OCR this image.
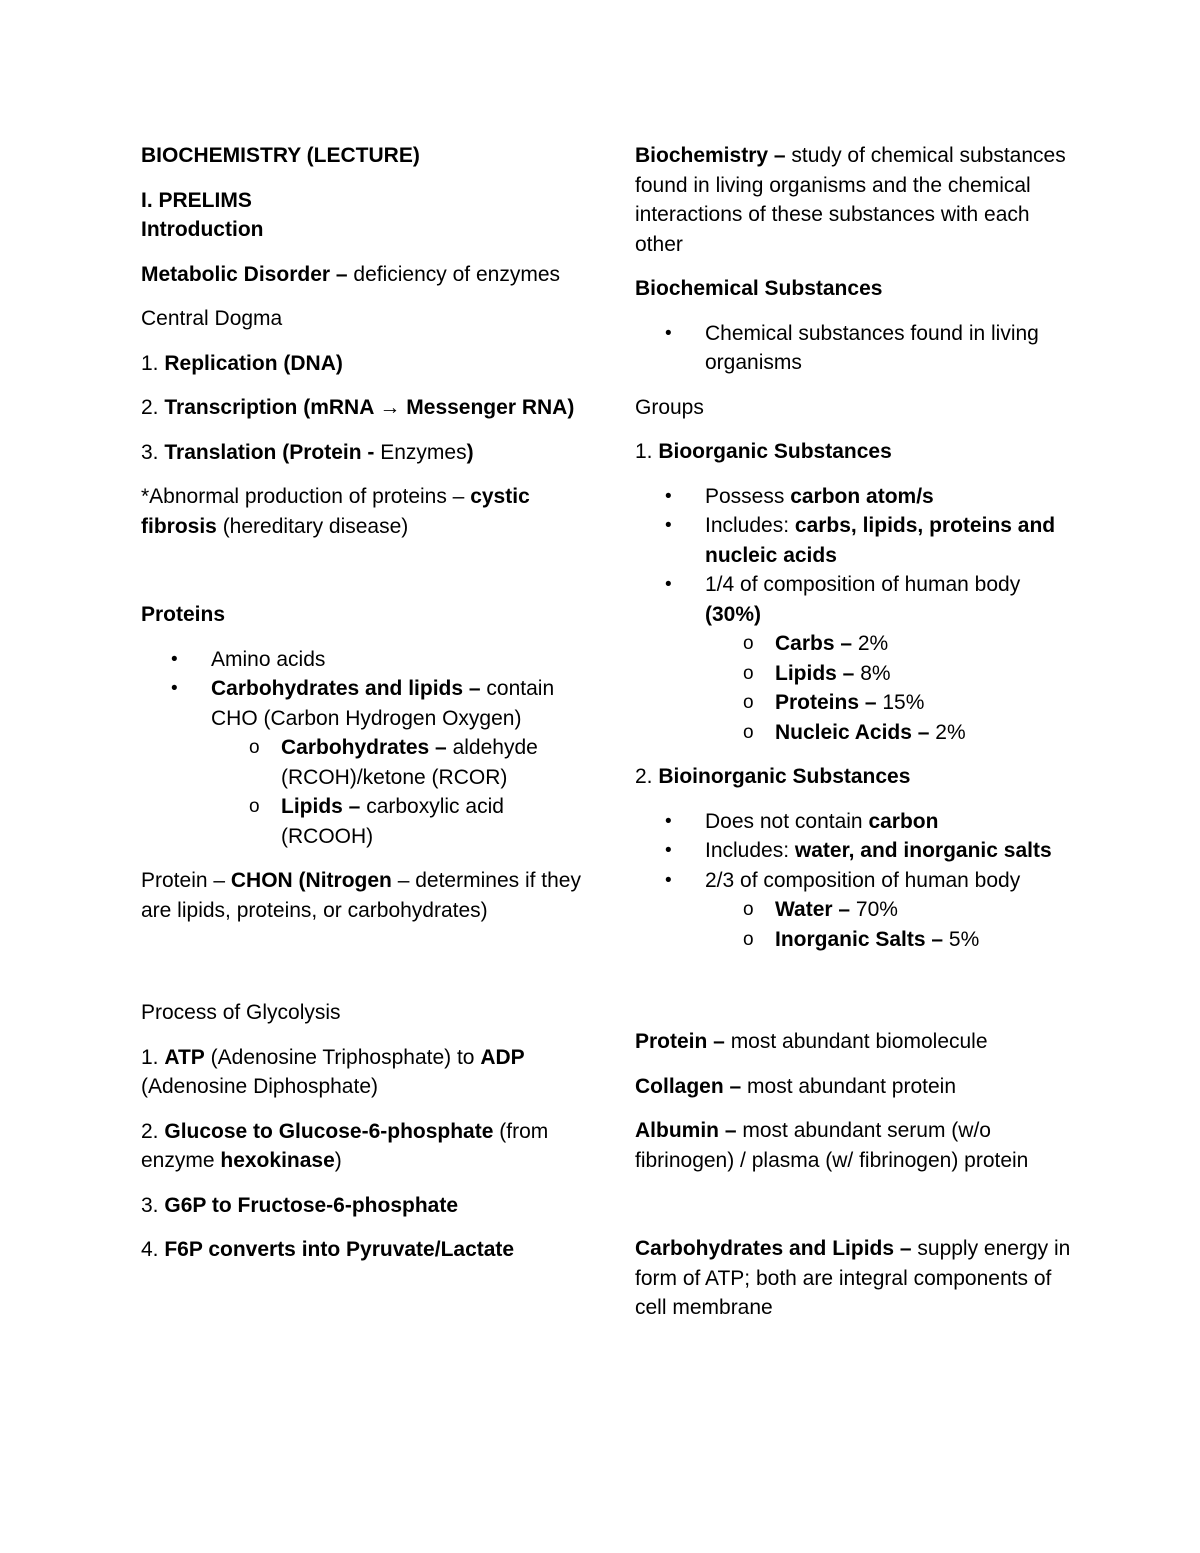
BIOCHEMISTRY (LECTURE)

I. PRELIMS

Introduction

Metabolic Disorder – deficiency of enzymes

Central Dogma

1. Replication (DNA)

2. Transcription (mRNA → Messenger RNA)

3. Translation (Protein - Enzymes)

*Abnormal production of proteins – cystic fibrosis (hereditary disease)

Proteins

• Amino acids
• Carbohydrates and lipids – contain CHO (Carbon Hydrogen Oxygen)
o Carbohydrates – aldehyde (RCOH)/ketone (RCOR)
o Lipids – carboxylic acid (RCOOH)

Protein – CHON (Nitrogen – determines if they are lipids, proteins, or carbohydrates)

Process of Glycolysis

1. ATP (Adenosine Triphosphate) to ADP (Adenosine Diphosphate)

2. Glucose to Glucose-6-phosphate (from enzyme hexokinase)

3. G6P to Fructose-6-phosphate

4. F6P converts into Pyruvate/Lactate

Biochemistry – study of chemical substances found in living organisms and the chemical interactions of these substances with each other

Biochemical Substances

• Chemical substances found in living organisms

Groups

1. Bioorganic Substances

• Possess carbon atom/s
• Includes: carbs, lipids, proteins and nucleic acids
• 1/4 of composition of human body (30%)
o Carbs – 2%
o Lipids – 8%
o Proteins – 15%
o Nucleic Acids – 2%

2. Bioinorganic Substances

• Does not contain carbon
• Includes: water, and inorganic salts
• 2/3 of composition of human body
o Water – 70%
o Inorganic Salts – 5%

Protein – most abundant biomolecule

Collagen – most abundant protein

Albumin – most abundant serum (w/o fibrinogen) / plasma (w/ fibrinogen) protein

Carbohydrates and Lipids – supply energy in form of ATP; both are integral components of cell membrane
